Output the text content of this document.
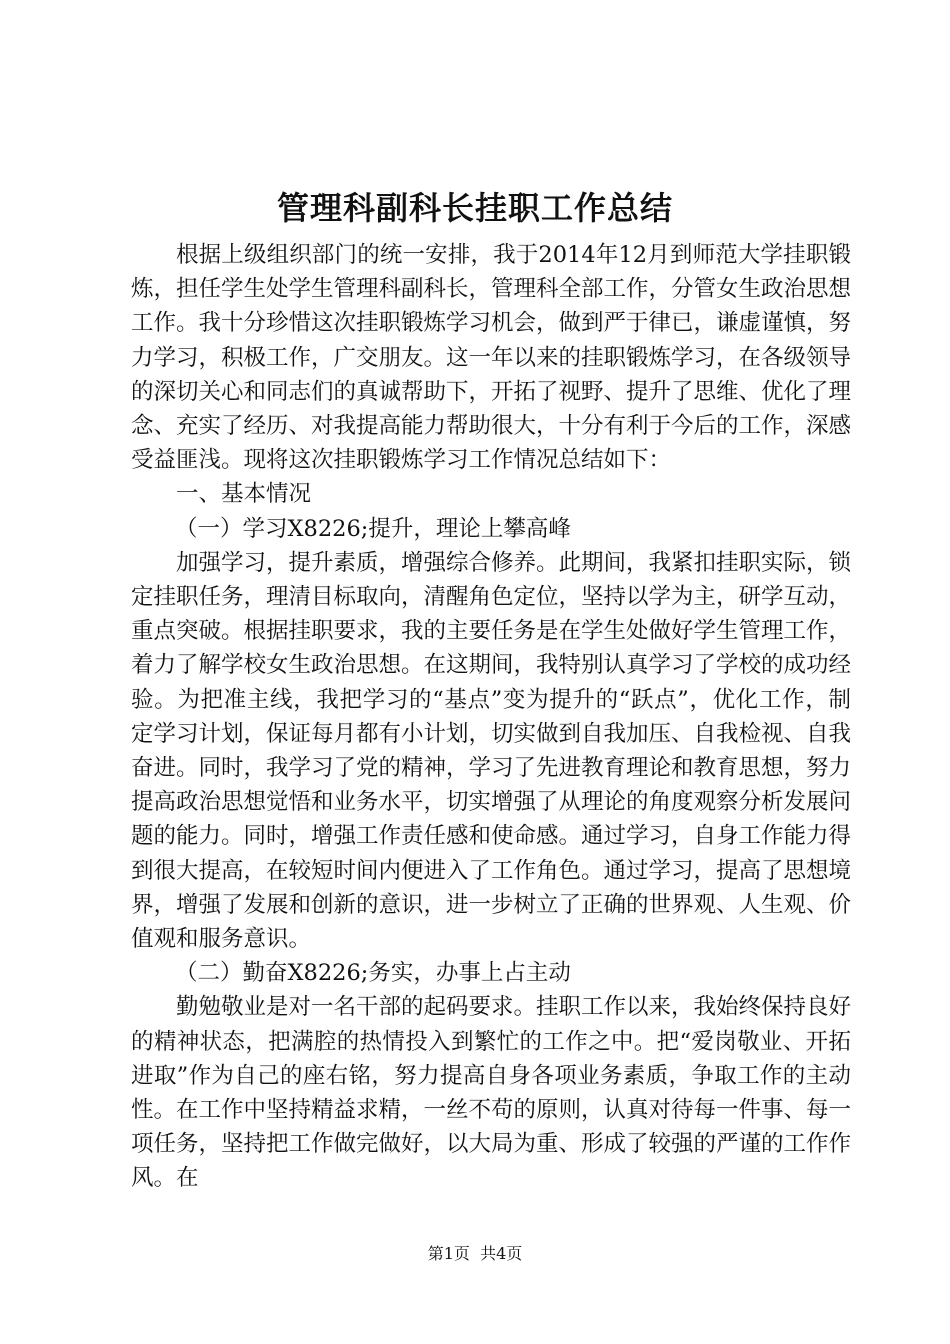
管理科副科长挂职工作总结

根据上级组织部门的统一安排，我于2014年12月到师范大学挂职锻炼，担任学生处学生管理科副科长，管理科全部工作，分管女生政治思想工作。我十分珍惜这次挂职锻炼学习机会，做到严于律已，谦虚谨慎，努力学习，积极工作，广交朋友。这一年以来的挂职锻炼学习，在各级领导的深切关心和同志们的真诚帮助下，开拓了视野、提升了思维、优化了理念、充实了经历、对我提高能力帮助很大，十分有利于今后的工作，深感受益匪浅。现将这次挂职锻炼学习工作情况总结如下：

一、基本情况

（一）学习X8226;提升，理论上攀高峰

加强学习，提升素质，增强综合修养。此期间，我紧扣挂职实际，锁定挂职任务，理清目标取向，清醒角色定位，坚持以学为主，研学互动，重点突破。根据挂职要求，我的主要任务是在学生处做好学生管理工作，着力了解学校女生政治思想。在这期间，我特别认真学习了学校的成功经验。为把准主线，我把学习的“基点”变为提升的“跃点”，优化工作，制定学习计划，保证每月都有小计划，切实做到自我加压、自我检视、自我奋进。同时，我学习了党的精神，学习了先进教育理论和教育思想，努力提高政治思想觉悟和业务水平，切实增强了从理论的角度观察分析发展问题的能力。同时，增强工作责任感和使命感。通过学习，自身工作能力得到很大提高，在较短时间内便进入了工作角色。通过学习，提高了思想境界，增强了发展和创新的意识，进一步树立了正确的世界观、人生观、价值观和服务意识。

（二）勤奋X8226;务实，办事上占主动

勤勉敬业是对一名干部的起码要求。挂职工作以来，我始终保持良好的精神状态，把满腔的热情投入到繁忙的工作之中。把“爱岗敬业、开拓进取”作为自己的座右铭，努力提高自身各项业务素质，争取工作的主动性。在工作中坚持精益求精，一丝不苟的原则，认真对待每一件事、每一项任务，坚持把工作做完做好，以大局为重、形成了较强的严谨的工作作风。在

第1页  共4页
